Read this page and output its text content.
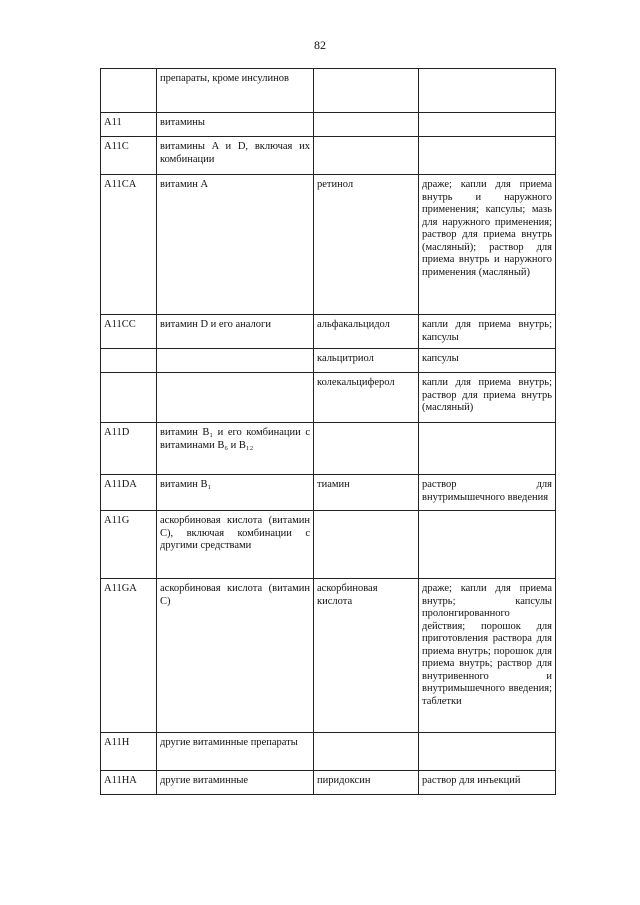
82
	препараты, кроме инсулинов		
A11	витамины		
A11C	витамины A и D, включая их комбинации		
A11CA	витамин A	ретинол	драже; капли для приема внутрь и наружного применения; капсулы; мазь для наружного применения; раствор для приема внутрь (масляный); раствор для приема внутрь и наружного применения (масляный)
A11CC	витамин D и его аналоги	альфакальцидол	капли для приема внутрь; капсулы
		кальцитриол	капсулы
		колекальциферол	капли для приема внутрь; раствор для приема внутрь (масляный)
A11D	витамин B₁ и его комбинации с витаминами B₆ и B₁₂		
A11DA	витамин B₁	тиамин	раствор для внутримышечного введения
A11G	аскорбиновая кислота (витамин C), включая комбинации с другими средствами		
A11GA	аскорбиновая кислота (витамин C)	аскорбиновая кислота	драже; капли для приема внутрь; капсулы пролонгированного действия; порошок для приготовления раствора для приема внутрь; порошок для приема внутрь; раствор для внутривенного и внутримышечного введения; таблетки
A11H	другие витаминные препараты		
A11HA	другие витаминные	пиридоксин	раствор для инъекций
